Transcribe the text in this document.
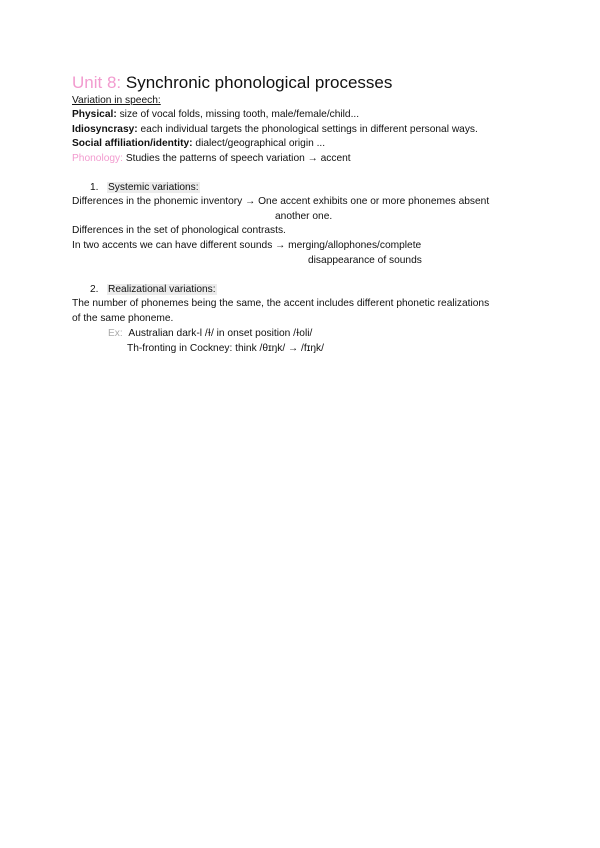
Unit 8: Synchronic phonological processes
Variation in speech:
Physical: size of vocal folds, missing tooth, male/female/child...
Idiosyncrasy: each individual targets the phonological settings in different personal ways.
Social affiliation/identity: dialect/geographical origin ...
Phonology: Studies the patterns of speech variation → accent
1. Systemic variations:
Differences in the phonemic inventory → One accent exhibits one or more phonemes absent
another one.
Differences in the set of phonological contrasts.
In two accents we can have different sounds → merging/allophones/complete
disappearance of sounds
2. Realizational variations:
The number of phonemes being the same, the accent includes different phonetic realizations
of the same phoneme.
Ex: Australian dark-l /ɫ/ in onset position /ɫoli/
Th-fronting in Cockney: think /θɪŋk/ → /fɪŋk/
